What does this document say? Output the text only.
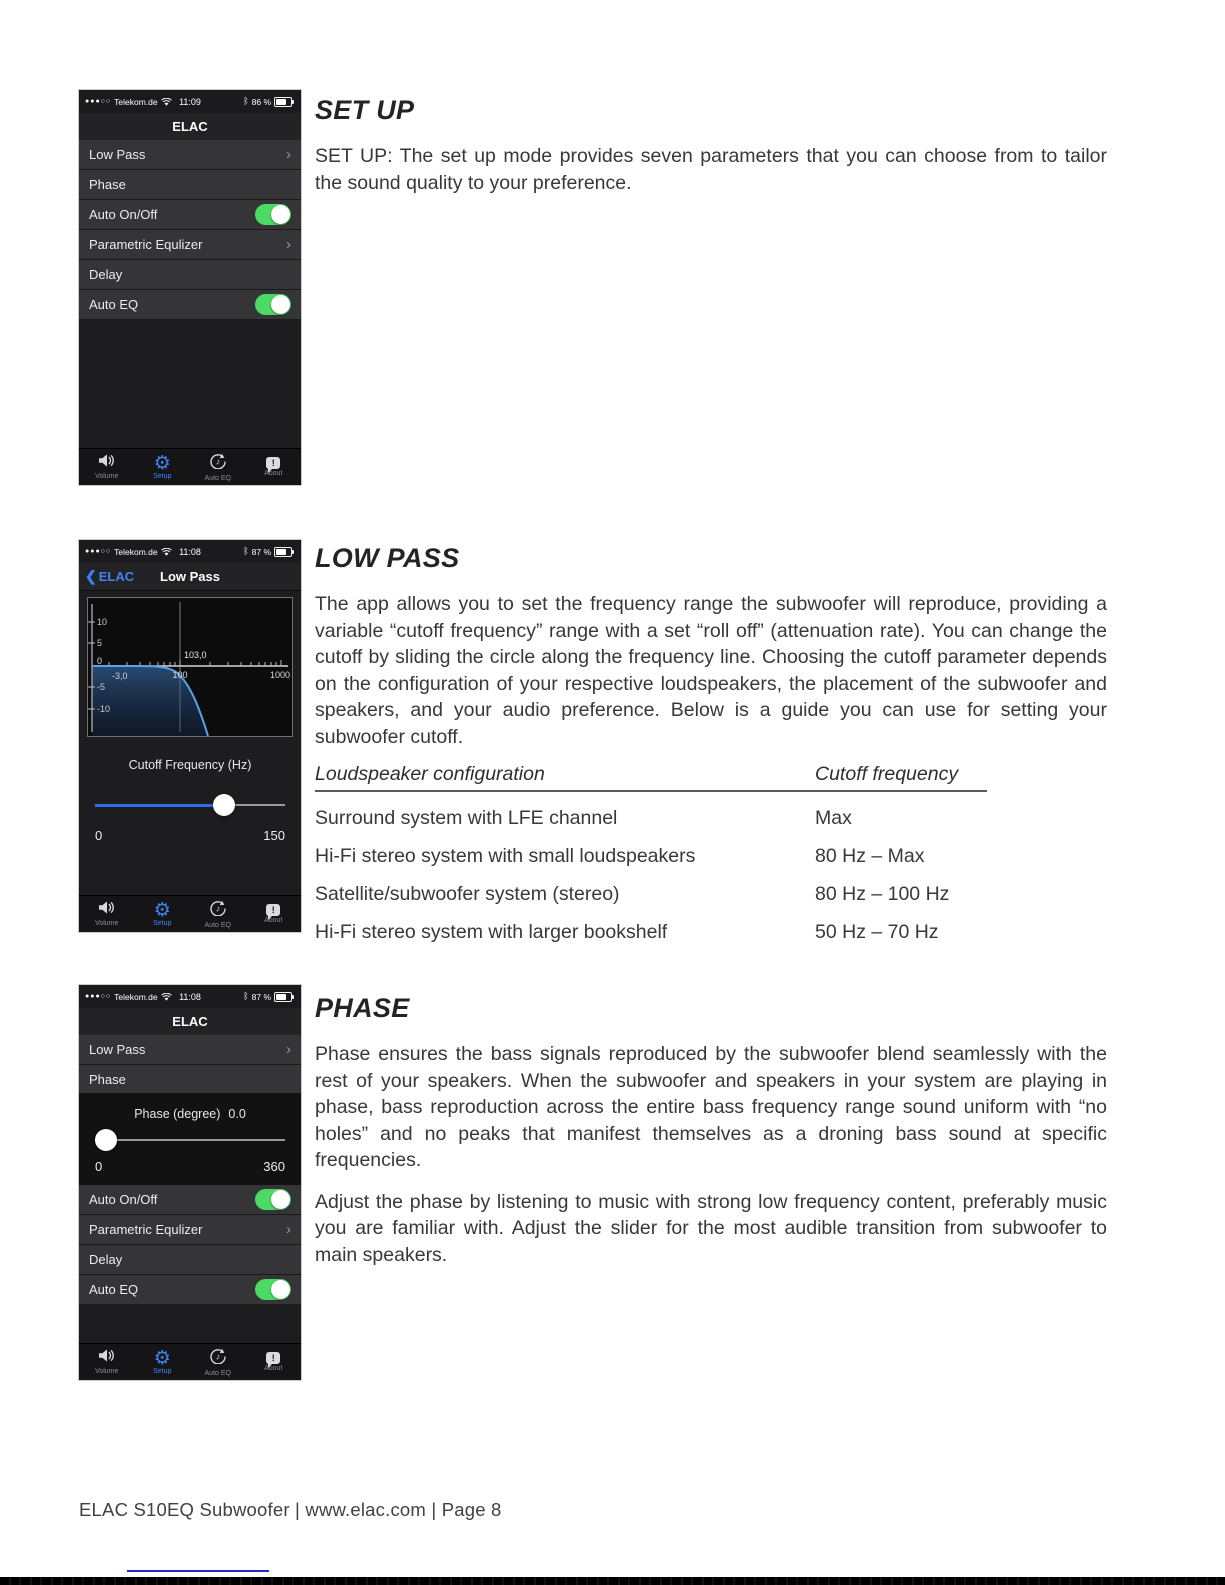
●●●○○ Telekom.de	11:09	ᛒ 86 %
ELAC
Low Pass	›
Phase
Auto On/Off
Parametric Equlizer	›
Delay
Auto EQ
Volume
⚙
Setup
♪
Auto EQ
!
About
●●●○○ Telekom.de	11:08	ᛒ 87 %
❮ ELAC Low Pass
10
5
0
-5
-10
103,0
-3,0	100	1000
Cutoff Frequency (Hz)
0	150
Volume
⚙
Setup
♪
Auto EQ
!
About
●●●○○ Telekom.de	11:08	ᛒ 87 %
ELAC
Low Pass	›
Phase
Phase (degree) 0.0
0	360
Auto On/Off
Parametric Equlizer	›
Delay
Auto EQ
Volume
⚙
Setup
♪
Auto EQ
!
About
SET UP

SET UP: The set up mode provides seven parameters that you can choose from to tailor the sound quality to your preference.

LOW PASS

The app allows you to set the frequency range the subwoofer will reproduce, providing a variable “cutoff frequency” range with a set “roll off” (attenuation rate). You can change the cutoff by sliding the circle along the frequency line. Choosing the cutoff parameter depends on the configuration of your respective loudspeakers, the placement of the subwoofer and speakers, and your audio preference. Below is a guide you can use for setting your subwoofer cutoff.

Loudspeaker configuration	Cutoff frequency
Surround system with LFE channel	Max
Hi-Fi stereo system with small loudspeakers	80 Hz – Max
Satellite/subwoofer system (stereo)	80 Hz – 100 Hz
Hi-Fi stereo system with larger bookshelf	50 Hz – 70 Hz
PHASE

Phase ensures the bass signals reproduced by the subwoofer blend seamlessly with the rest of your speakers. When the subwoofer and speakers in your system are playing in phase, bass reproduction across the entire bass frequency range sound uniform with “no holes” and no peaks that manifest themselves as a droning bass sound at specific frequencies.

Adjust the phase by listening to music with strong low frequency content, preferably music you are familiar with. Adjust the slider for the most audible transition from subwoofer to main speakers.

ELAC S10EQ Subwoofer | www.elac.com | Page 8
